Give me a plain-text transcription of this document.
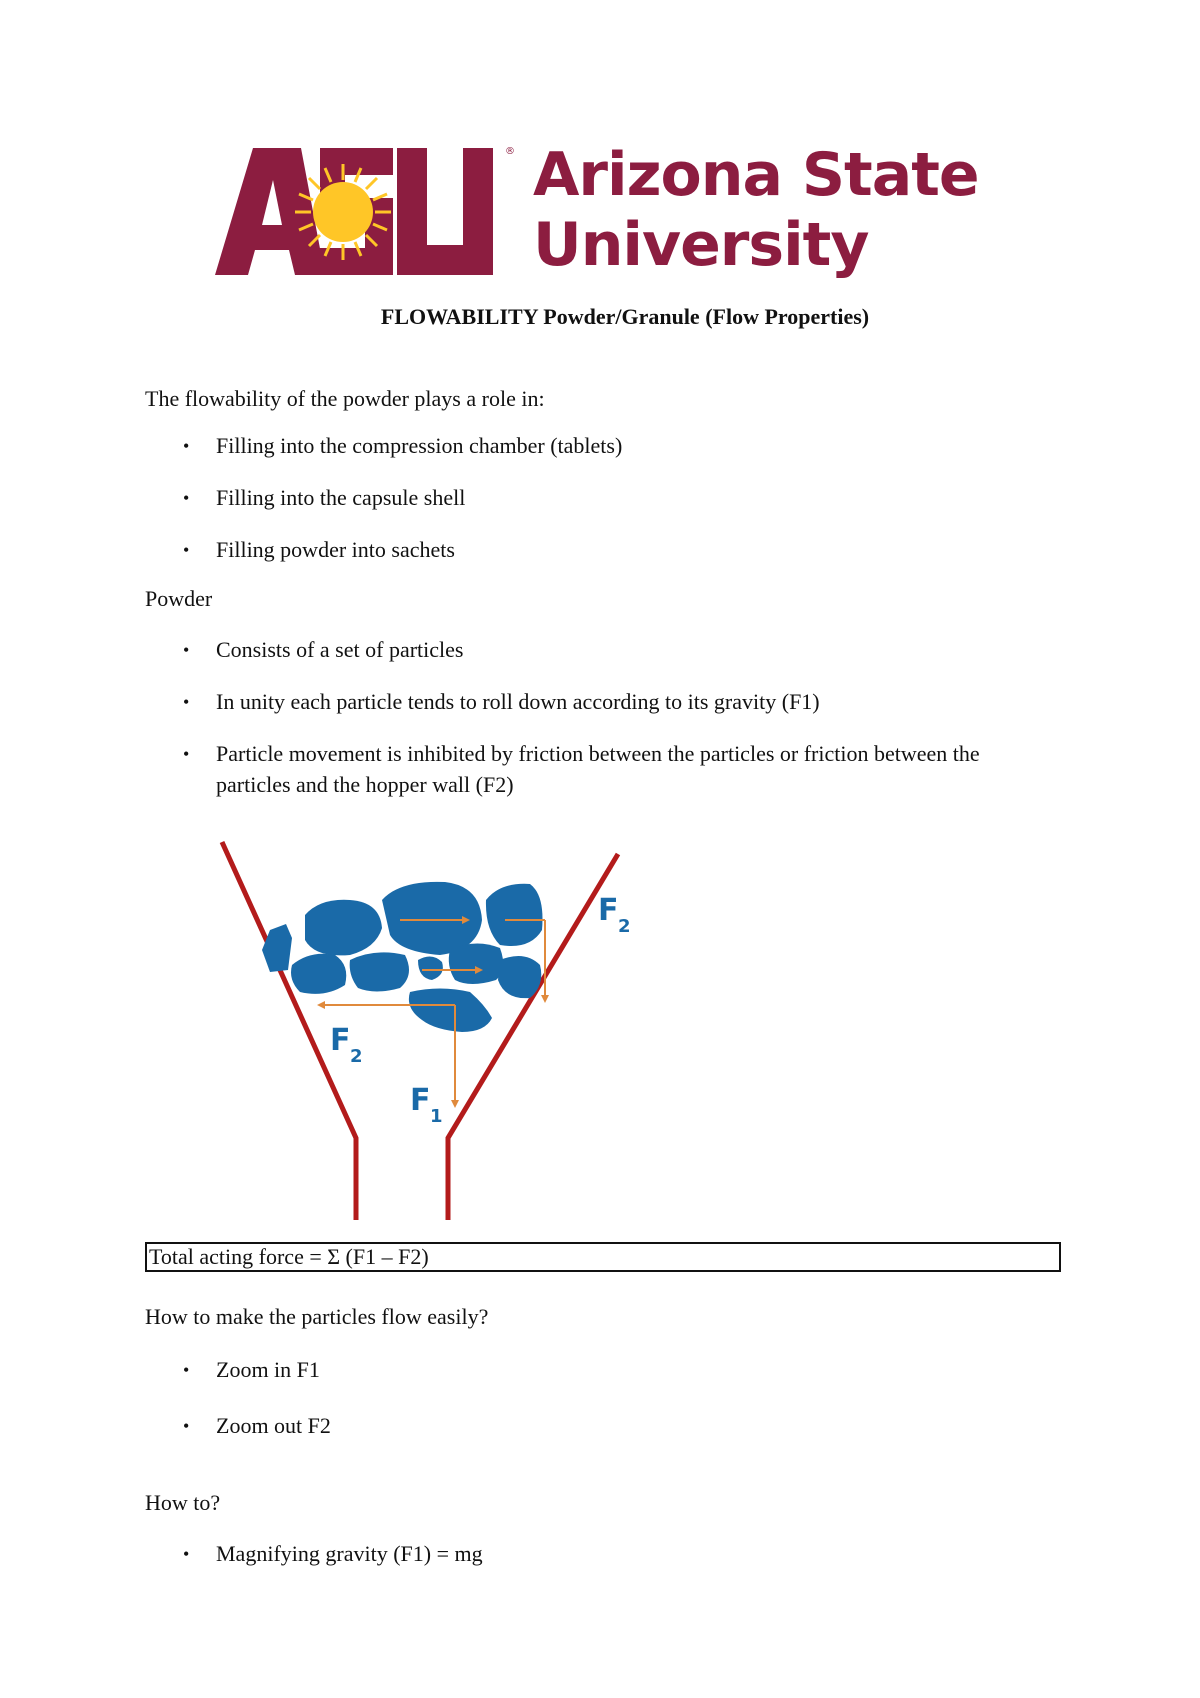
® Arizona State
University
FLOWABILITY Powder/Granule (Flow Properties)
The flowability of the powder plays a role in:
• Filling into the compression chamber (tablets)
• Filling into the capsule shell
• Filling powder into sachets
Powder
• Consists of a set of particles
• In unity each particle tends to roll down according to its gravity (F1)
• Particle movement is inhibited by friction between the particles or friction between the particles and the hopper wall (F2)
F 2
F 2
F 1
Total acting force = Σ (F1 – F2)
How to make the particles flow easily?
• Zoom in F1
• Zoom out F2
How to?
• Magnifying gravity (F1) = mg
